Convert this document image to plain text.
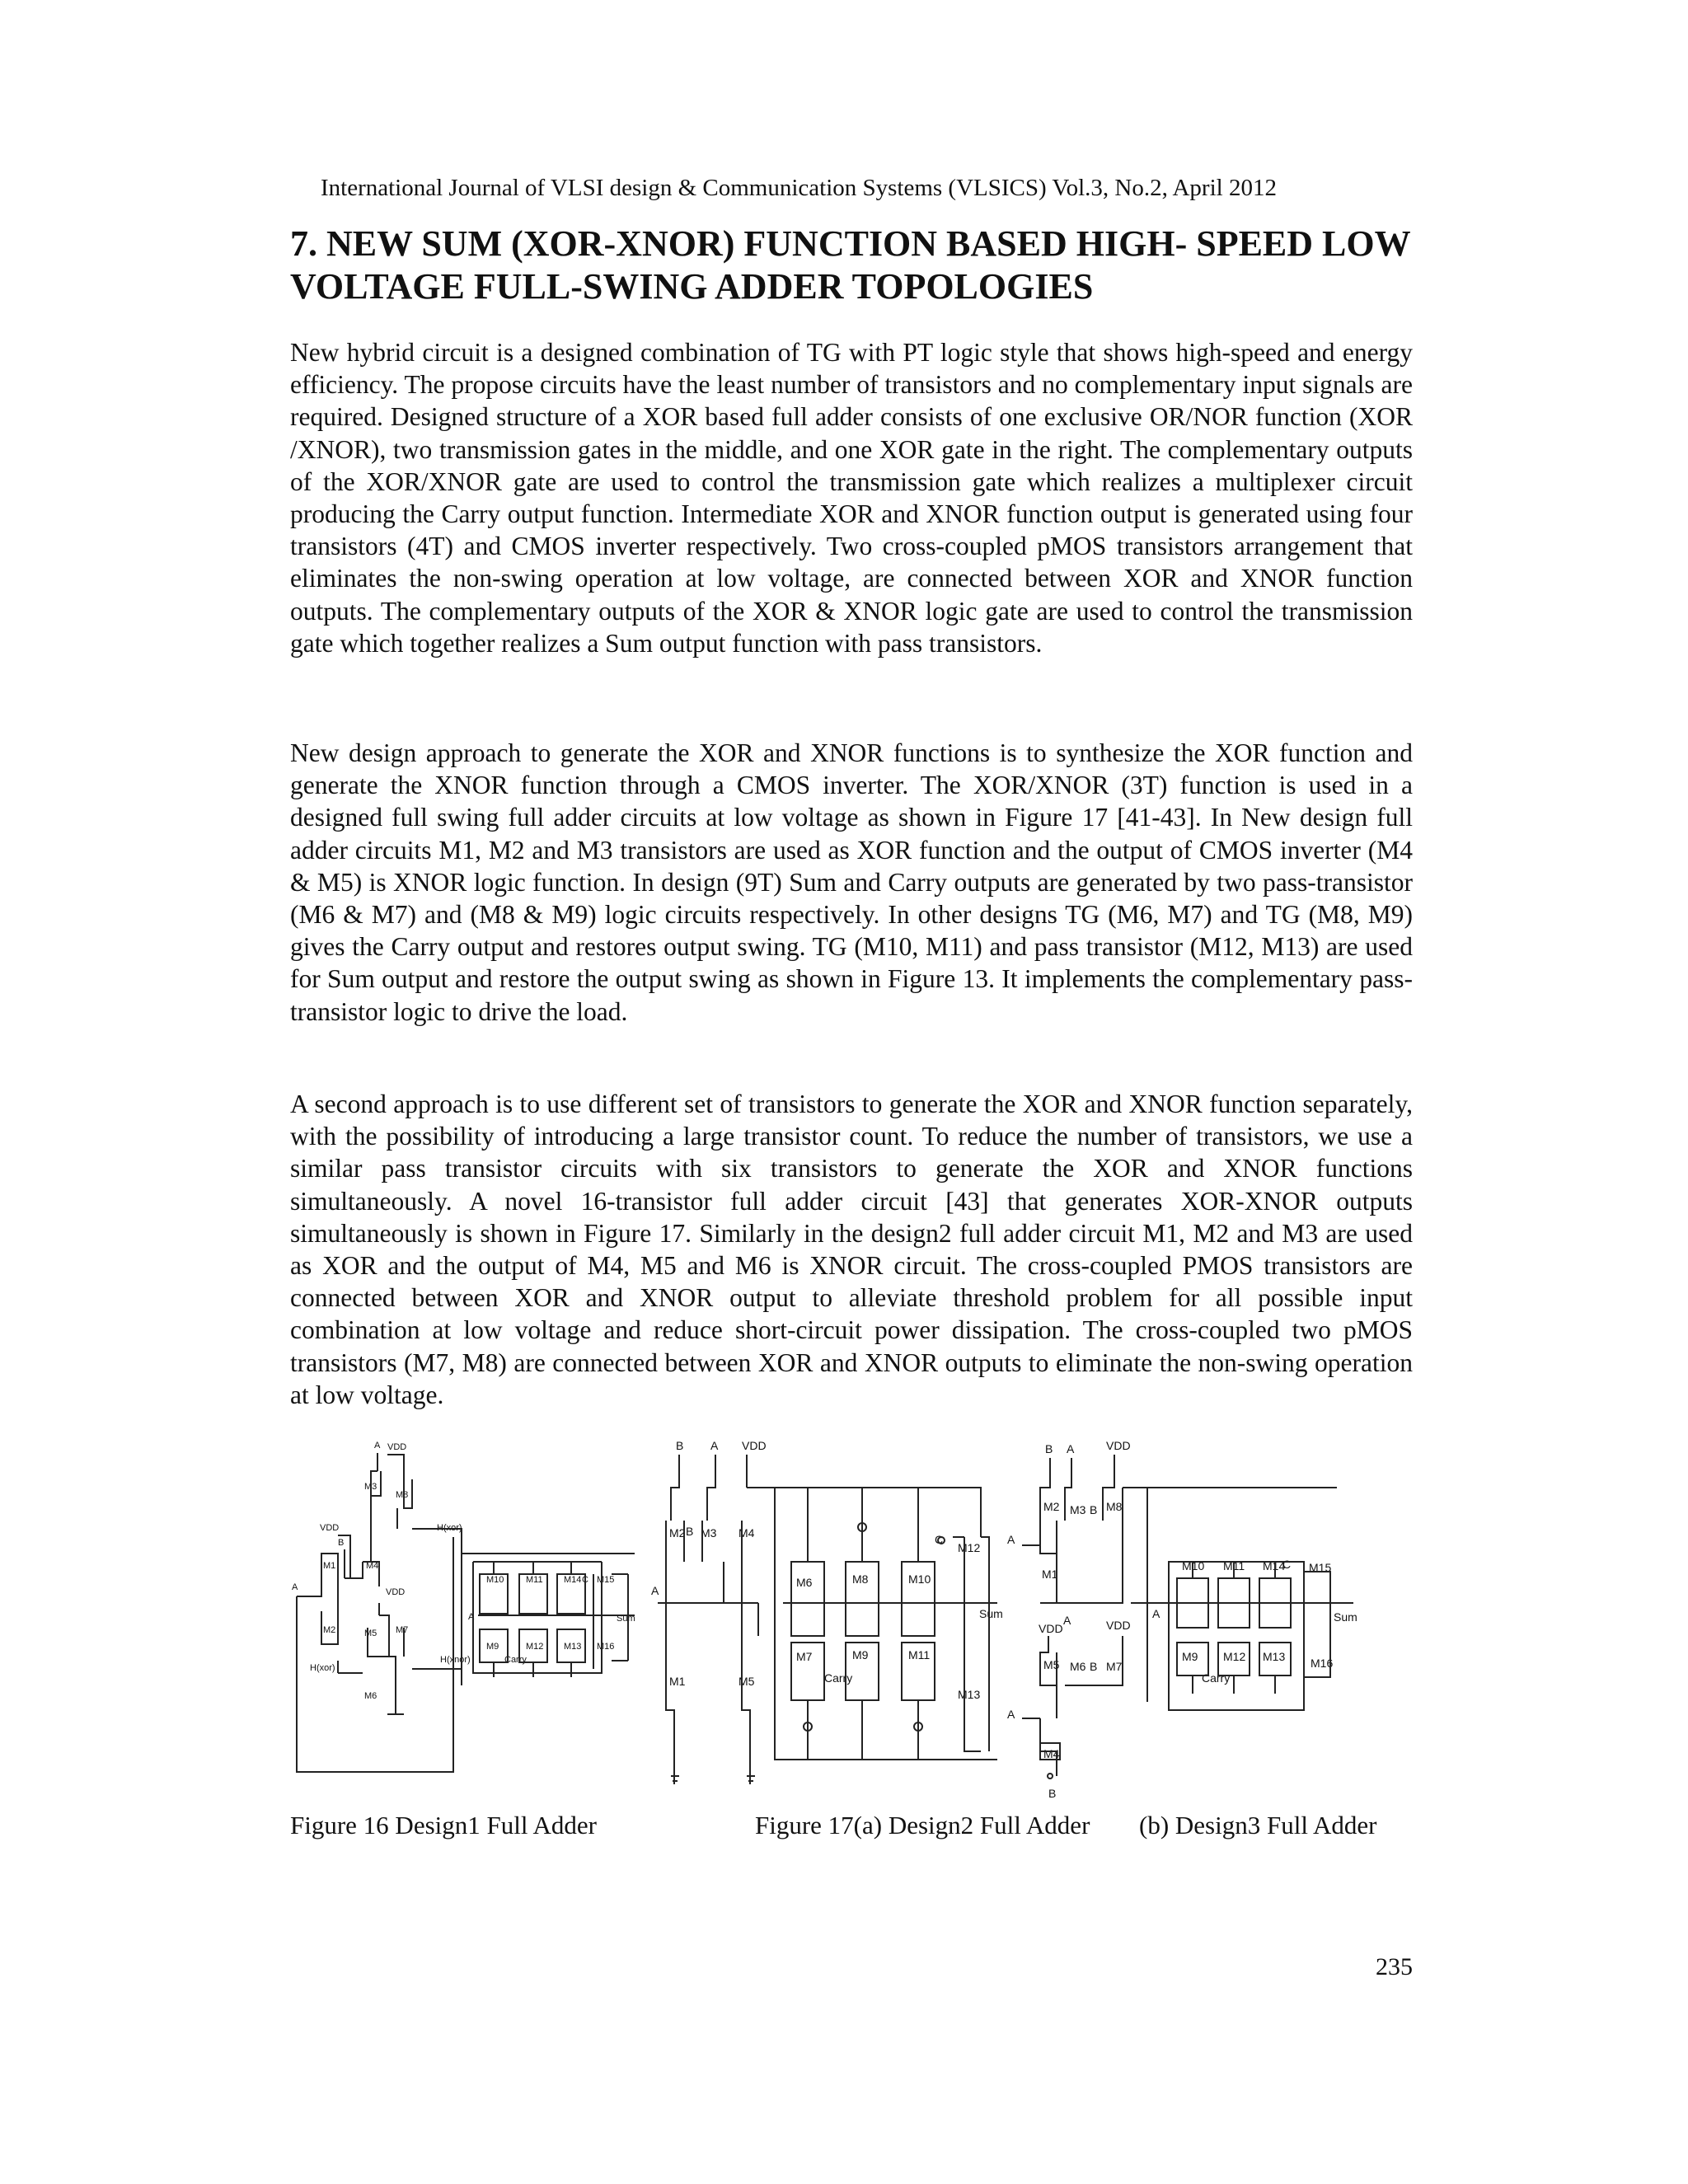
International Journal of VLSI design & Communication Systems (VLSICS) Vol.3, No.2, April 2012
7. NEW SUM (XOR-XNOR) FUNCTION BASED HIGH- SPEED LOW VOLTAGE FULL-SWING ADDER TOPOLOGIES

New hybrid circuit is a designed combination of TG with PT logic style that shows high-speed and energy efficiency. The propose circuits have the least number of transistors and no complementary input signals are required. Designed structure of a XOR based full adder consists of one exclusive OR/NOR function (XOR /XNOR), two transmission gates in the middle, and one XOR gate in the right. The complementary outputs of the XOR/XNOR gate are used to control the transmission gate which realizes a multiplexer circuit producing the Carry output function. Intermediate XOR and XNOR function output is generated using four transistors (4T) and CMOS inverter respectively. Two cross-coupled pMOS transistors arrangement that eliminates the non-swing operation at low voltage, are connected between XOR and XNOR function outputs. The complementary outputs of the XOR & XNOR logic gate are used to control the transmission gate which together realizes a Sum output function with pass transistors.

New design approach to generate the XOR and XNOR functions is to synthesize the XOR function and generate the XNOR function through a CMOS inverter. The XOR/XNOR (3T) function is used in a designed full swing full adder circuits at low voltage as shown in Figure 17 [41-43]. In New design full adder circuits M1, M2 and M3 transistors are used as XOR function and the output of CMOS inverter (M4 & M5) is XNOR logic function. In design (9T) Sum and Carry outputs are generated by two pass-transistor (M6 & M7) and (M8 & M9) logic circuits respectively. In other designs TG (M6, M7) and TG (M8, M9) gives the Carry output and restores output swing. TG (M10, M11) and pass transistor (M12, M13) are used for Sum output and restore the output swing as shown in Figure 13. It implements the complementary pass-transistor logic to drive the load.

A second approach is to use different set of transistors to generate the XOR and XNOR function separately, with the possibility of introducing a large transistor count. To reduce the number of transistors, we use a similar pass transistor circuits with six transistors to generate the XOR and XNOR functions simultaneously. A novel 16-transistor full adder circuit [43] that generates XOR-XNOR outputs simultaneously is shown in Figure 17. Similarly in the design2 full adder circuit M1, M2 and M3 are used as XOR and the output of M4, M5 and M6 is XNOR circuit. The cross-coupled PMOS transistors are connected between XOR and XNOR output to alleviate threshold problem for all possible input combination at low voltage and reduce short-circuit power dissipation. The cross-coupled two pMOS transistors (M7, M8) are connected between XOR and XNOR outputs to eliminate the non-swing operation at low voltage.

A VDD
M3
M8
H(xor)
VDD
B
M1	M4
A	VDD
M2	M5 M7
H(xor)
H(xnor)
M6
M10 M11 M14 C M15
A	Sum
M9	M12 M13 M16
Carry
B A VDD
M2 B M3 M4
A
M1	M5
M6
M7
M8
M9
M10
M11
C
M12
M13
Sum
Carry
B A	VDD
M2 M3 B M8
A
M1
M10 M11 M14
C M15
A	Sum
VDD
A	VDD
M5 M6 B M7
M9 M12 M13 M16
Carry
A
M4
B
Figure 16 Design1 Full Adder	Figure 17(a) Design2 Full Adder (b) Design3 Full Adder
235
